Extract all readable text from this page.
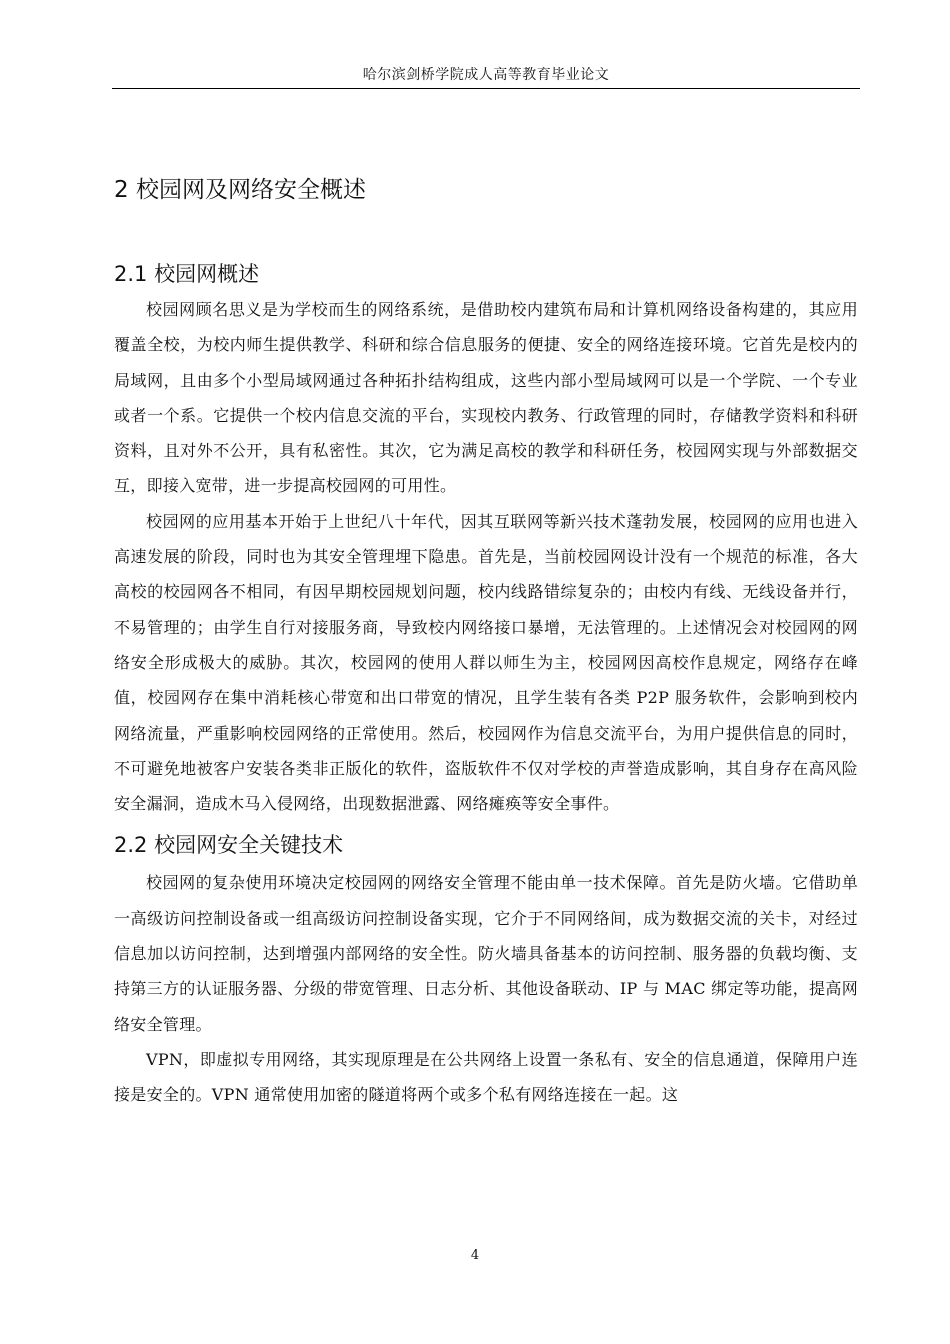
哈尔滨剑桥学院成人高等教育毕业论文
2 校园网及网络安全概述
2.1 校园网概述

校园网顾名思义是为学校而生的网络系统，是借助校内建筑布局和计算机网络设备构建的，其应用覆盖全校，为校内师生提供教学、科研和综合信息服务的便捷、安全的网络连接环境。它首先是校内的局域网，且由多个小型局域网通过各种拓扑结构组成，这些内部小型局域网可以是一个学院、一个专业或者一个系。它提供一个校内信息交流的平台，实现校内教务、行政管理的同时，存储教学资料和科研资料，且对外不公开，具有私密性。其次，它为满足高校的教学和科研任务，校园网实现与外部数据交互，即接入宽带，进一步提高校园网的可用性。

校园网的应用基本开始于上世纪八十年代，因其互联网等新兴技术蓬勃发展，校园网的应用也进入高速发展的阶段，同时也为其安全管理埋下隐患。首先是，当前校园网设计没有一个规范的标准，各大高校的校园网各不相同，有因早期校园规划问题，校内线路错综复杂的；由校内有线、无线设备并行，不易管理的；由学生自行对接服务商，导致校内网络接口暴增，无法管理的。上述情况会对校园网的网络安全形成极大的威胁。其次，校园网的使用人群以师生为主，校园网因高校作息规定，网络存在峰值，校园网存在集中消耗核心带宽和出口带宽的情况，且学生装有各类 P2P 服务软件，会影响到校内网络流量，严重影响校园网络的正常使用。然后，校园网作为信息交流平台，为用户提供信息的同时，不可避免地被客户安装各类非正版化的软件，盗版软件不仅对学校的声誉造成影响，其自身存在高风险安全漏洞，造成木马入侵网络，出现数据泄露、网络瘫痪等安全事件。

2.2 校园网安全关键技术

校园网的复杂使用环境决定校园网的网络安全管理不能由单一技术保障。首先是防火墙。它借助单一高级访问控制设备或一组高级访问控制设备实现，它介于不同网络间，成为数据交流的关卡，对经过信息加以访问控制，达到增强内部网络的安全性。防火墙具备基本的访问控制、服务器的负载均衡、支持第三方的认证服务器、分级的带宽管理、日志分析、其他设备联动、IP 与 MAC 绑定等功能，提高网络安全管理。

VPN，即虚拟专用网络，其实现原理是在公共网络上设置一条私有、安全的信息通道，保障用户连接是安全的。VPN 通常使用加密的隧道将两个或多个私有网络连接在一起。这

4
